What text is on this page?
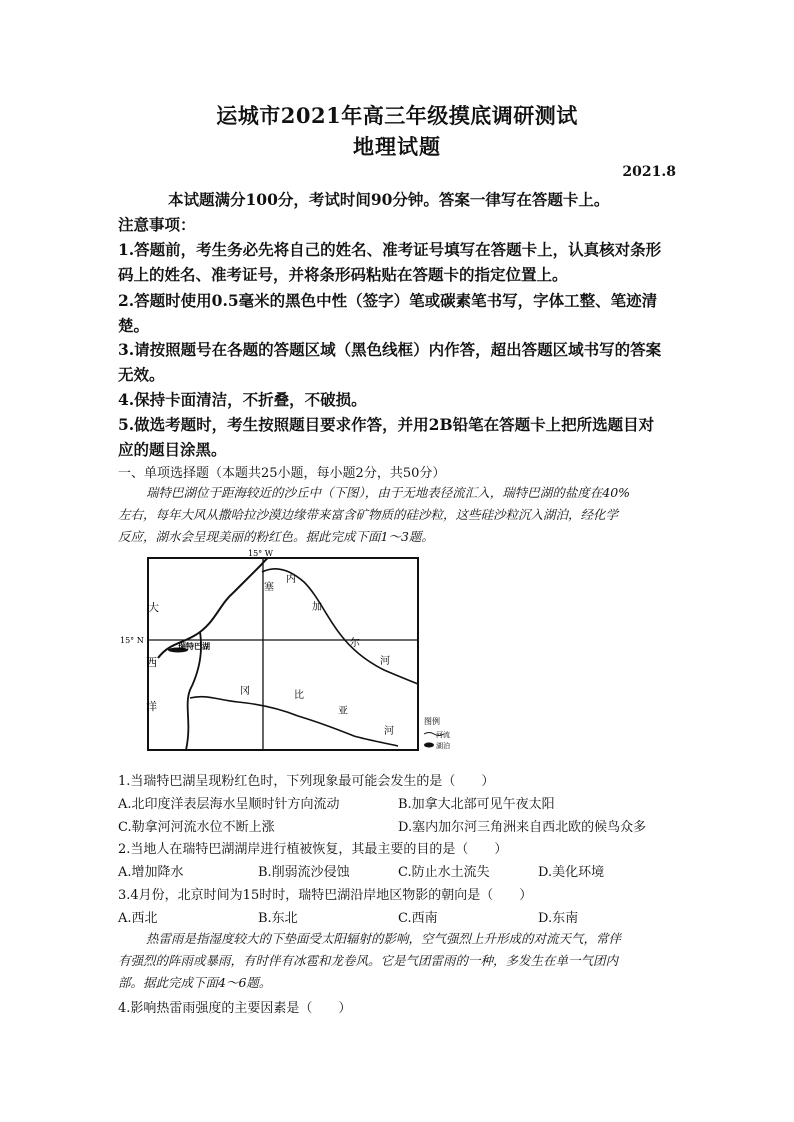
运城市2021年高三年级摸底调研测试
地理试题
2021.8
本试题满分100分，考试时间90分钟。答案一律写在答题卡上。
注意事项：
1.答题前，考生务必先将自己的姓名、准考证号填写在答题卡上，认真核对条形
码上的姓名、准考证号，并将条形码粘贴在答题卡的指定位置上。
2.答题时使用0.5毫米的黑色中性（签字）笔或碳素笔书写，字体工整、笔迹清
楚。
3.请按照题号在各题的答题区域（黑色线框）内作答，超出答题区域书写的答案
无效。
4.保持卡面清洁，不折叠，不破损。
5.做选考题时，考生按照题目要求作答，并用2B铅笔在答题卡上把所选题目对
应的题目涂黑。
一、单项选择题（本题共25小题，每小题2分，共50分）
瑞特巴湖位于距海较近的沙丘中（下图），由于无地表径流汇入，瑞特巴湖的盐度在40%
左右，每年大风从撒哈拉沙漠边缘带来富含矿物质的硅沙粒，这些硅沙粒沉入湖泊，经化学
反应，湖水会呈现美丽的粉红色。据此完成下面1～3题。
15° W
15° N
瑞特巴湖
大
西
洋
塞
内
加
尔
河
冈	比
亚
河
图例
河流
湖泊
1.当瑞特巴湖呈现粉红色时，下列现象最可能会发生的是（　　）
A.北印度洋表层海水呈顺时针方向流动	B.加拿大北部可见午夜太阳
C.勒拿河河流水位不断上涨	D.塞内加尔河三角洲来自西北欧的候鸟众多
2.当地人在瑞特巴湖湖岸进行植被恢复，其最主要的目的是（　　）
A.增加降水	B.削弱流沙侵蚀	C.防止水土流失	D.美化环境
3.4月份，北京时间为15时时，瑞特巴湖沿岸地区物影的朝向是（　　）
A.西北	B.东北	C.西南	D.东南
热雷雨是指湿度较大的下垫面受太阳辐射的影响，空气强烈上升形成的对流天气，常伴
有强烈的阵雨或暴雨，有时伴有冰雹和龙卷风。它是气团雷雨的一种，多发生在单一气团内
部。据此完成下面4～6题。
4.影响热雷雨强度的主要因素是（　　）
